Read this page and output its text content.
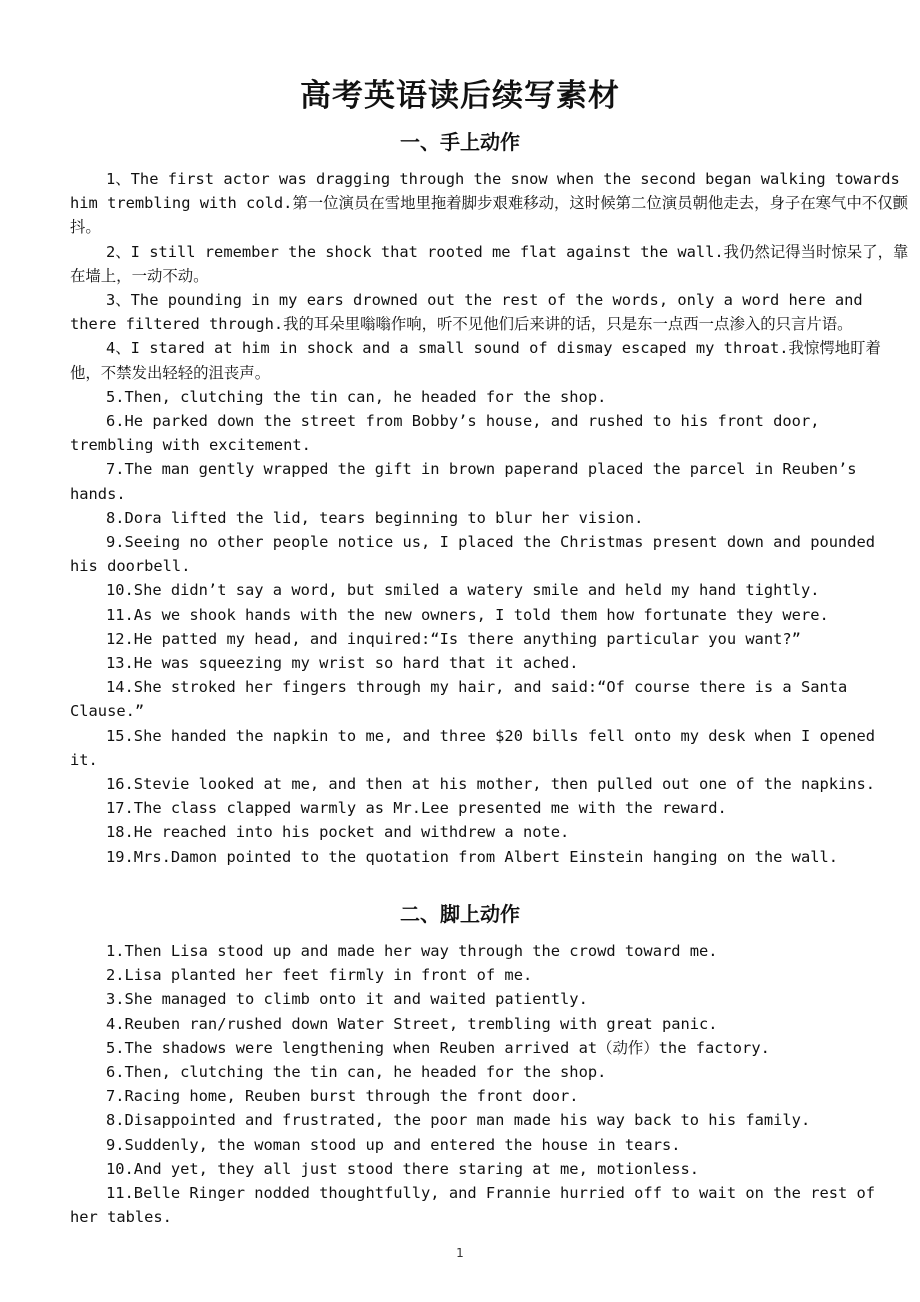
高考英语读后续写素材
一、手上动作
1、The first actor was dragging through the snow when the second began walking towards him trembling with cold.第一位演员在雪地里拖着脚步艰难移动，这时候第二位演员朝他走去，身子在寒气中不仅颤抖。
2、I still remember the shock that rooted me flat against the wall.我仍然记得当时惊呆了，靠在墙上，一动不动。
3、The pounding in my ears drowned out the rest of the words, only a word here and there filtered through.我的耳朵里嗡嗡作响，听不见他们后来讲的话，只是东一点西一点渗入的只言片语。
4、I stared at him in shock and a small sound of dismay escaped my throat.我惊愕地盯着他，不禁发出轻轻的沮丧声。
5.Then, clutching the tin can, he headed for the shop.
6.He parked down the street from Bobby’s house, and rushed to his front door, trembling with excitement.
7.The man gently wrapped the gift in brown paperand placed the parcel in Reuben’s hands.
8.Dora lifted the lid, tears beginning to blur her vision.
9.Seeing no other people notice us, I placed the Christmas present down and pounded his doorbell.
10.She didn’t say a word, but smiled a watery smile and held my hand tightly.
11.As we shook hands with the new owners, I told them how fortunate they were.
12.He patted my head, and inquired:“Is there anything particular you want?”
13.He was squeezing my wrist so hard that it ached.
14.She stroked her fingers through my hair, and said:“Of course there is a Santa Clause.”
15.She handed the napkin to me, and three $20 bills fell onto my desk when I opened it.
16.Stevie looked at me, and then at his mother, then pulled out one of the napkins.
17.The class clapped warmly as Mr.Lee presented me with the reward.
18.He reached into his pocket and withdrew a note.
19.Mrs.Damon pointed to the quotation from Albert Einstein hanging on the wall.
二、脚上动作
1.Then Lisa stood up and made her way through the crowd toward me.
2.Lisa planted her feet firmly in front of me.
3.She managed to climb onto it and waited patiently.
4.Reuben ran/rushed down Water Street, trembling with great panic.
5.The shadows were lengthening when Reuben arrived at（动作）the factory.
6.Then, clutching the tin can, he headed for the shop.
7.Racing home, Reuben burst through the front door.
8.Disappointed and frustrated, the poor man made his way back to his family.
9.Suddenly, the woman stood up and entered the house in tears.
10.And yet, they all just stood there staring at me, motionless.
11.Belle Ringer nodded thoughtfully, and Frannie hurried off to wait on the rest of her tables.
1
